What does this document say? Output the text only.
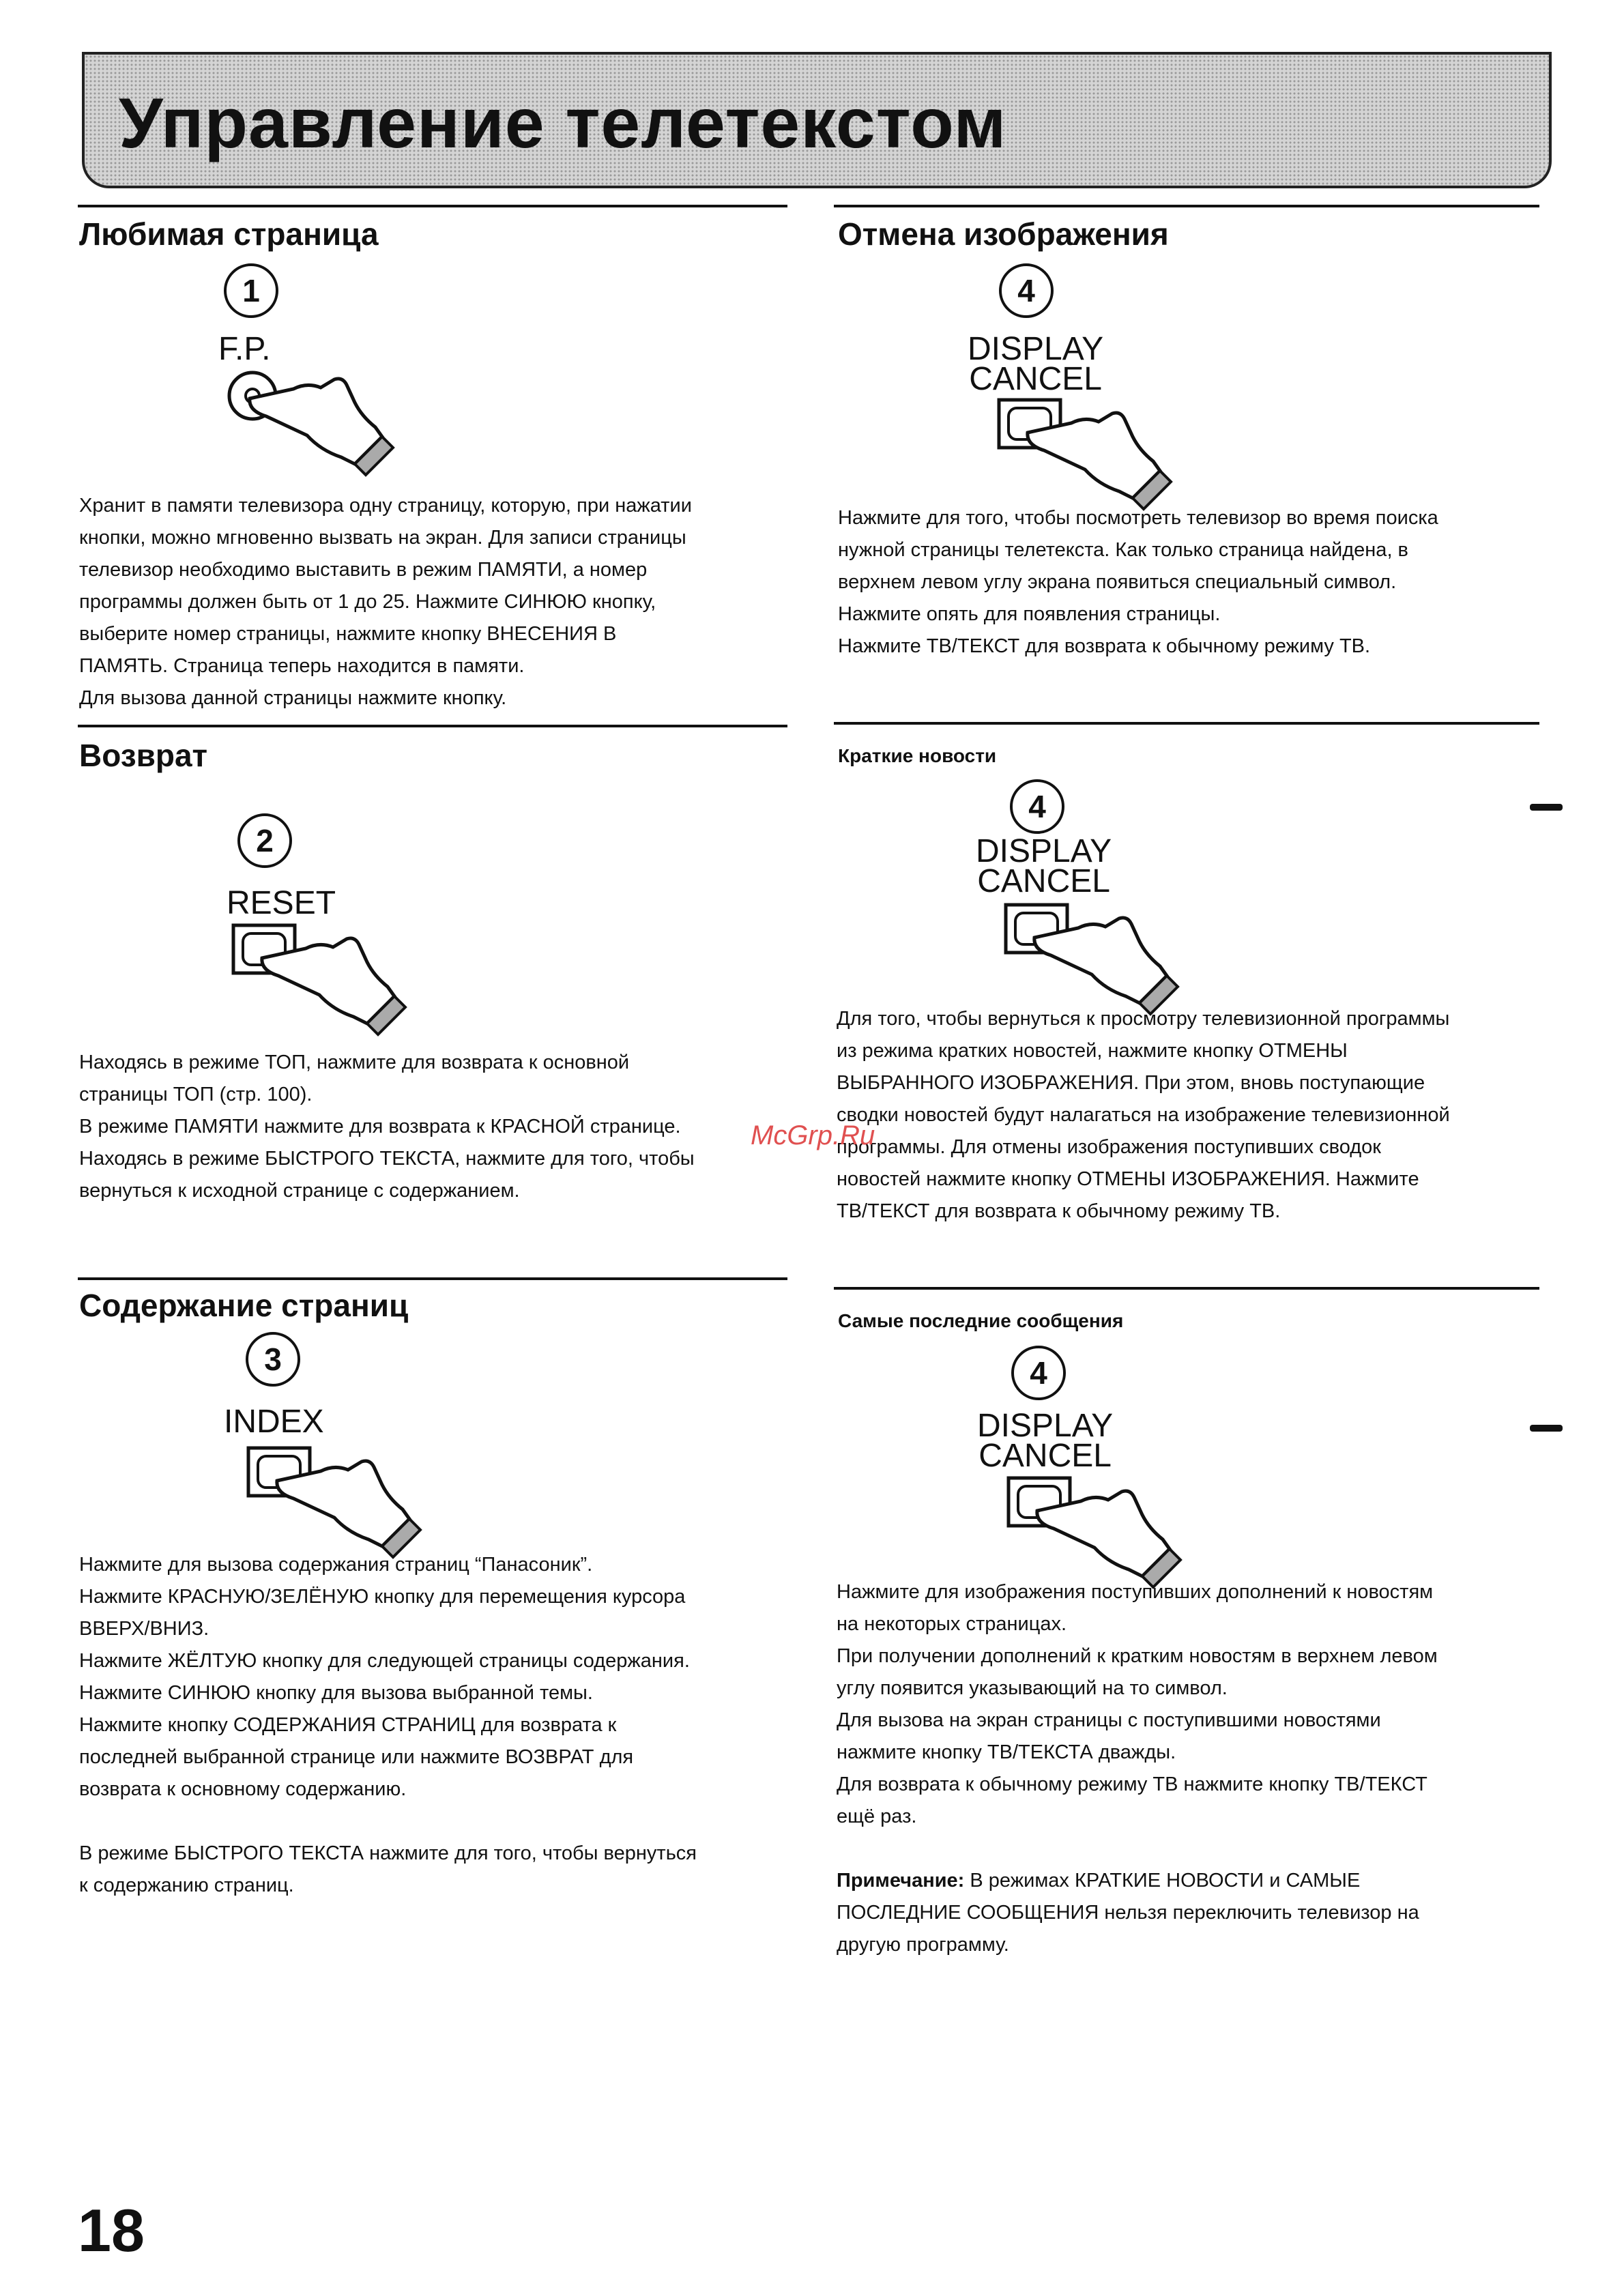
Управление телетекстом
Любимая страница
1
F.P.

Хранит в памяти телевизора одну страницу, которую, при нажатии

кнопки, можно мгновенно вызвать на экран. Для записи страницы

телевизор необходимо выставить в режим ПАМЯТИ, а номер

программы должен быть от 1 до 25. Нажмите СИНЮЮ кнопку,

выберите номер страницы, нажмите кнопку ВНЕСЕНИЯ В

ПАМЯТЬ. Страница теперь находится в памяти.

Для вызова данной страницы нажмите кнопку.

Возврат
2
RESET

Находясь в режиме ТОП, нажмите для возврата к основной

страницы ТОП (стр. 100).

В режиме ПАМЯТИ нажмите для возврата к КРАСНОЙ странице.

Находясь в режиме БЫСТРОГО ТЕКСТА, нажмите для того, чтобы

вернуться к исходной странице с содержанием.

Содержание страниц
3
INDEX

Нажмите для вызова содержания страниц “Панасоник”.

Нажмите КРАСНУЮ/ЗЕЛЁНУЮ кнопку для перемещения курсора

ВВЕРХ/ВНИЗ.

Нажмите ЖЁЛТУЮ кнопку для следующей страницы содержания.

Нажмите СИНЮЮ кнопку для вызова выбранной темы.

Нажмите кнопку СОДЕРЖАНИЯ СТРАНИЦ для возврата к

последней выбранной странице или нажмите ВОЗВРАТ для

возврата к основному содержанию.

В режиме БЫСТРОГО ТЕКСТА нажмите для того, чтобы вернуться

к содержанию страниц.

Отмена изображения
4
DISPLAY
CANCEL

Нажмите для того, чтобы посмотреть телевизор во время поиска

нужной страницы телетекста. Как только страница найдена, в

верхнем левом углу экрана появиться специальный символ.

Нажмите опять для появления страницы.

Нажмите ТВ/ТЕКСТ для возврата к обычному режиму ТВ.

Краткие новости
4
DISPLAY
CANCEL

Для того, чтобы вернуться к просмотру телевизионной программы

из режима кратких новостей, нажмите кнопку ОТМЕНЫ

ВЫБРАННОГО ИЗОБРАЖЕНИЯ. При этом, вновь поступающие

сводки новостей будут налагаться на изображение телевизионной

программы. Для отмены изображения поступивших сводок

новостей нажмите кнопку ОТМЕНЫ ИЗОБРАЖЕНИЯ. Нажмите

ТВ/ТЕКСТ для возврата к обычному режиму ТВ.

Самые последние сообщения
4
DISPLAY
CANCEL

Нажмите для изображения поступивших дополнений к новостям

на некоторых страницах.

При получении дополнений к кратким новостям в верхнем левом

углу появится указывающий на то символ.

Для вызова на экран страницы с поступившими новостями

нажмите кнопку ТВ/ТЕКСТА дважды.

Для возврата к обычному режиму ТВ нажмите кнопку ТВ/ТЕКСТ

ещё раз.

Примечание: В режимах КРАТКИЕ НОВОСТИ и САМЫЕ

ПОСЛЕДНИЕ СООБЩЕНИЯ нельзя переключить телевизор на

другую программу.

McGrp.Ru
18
